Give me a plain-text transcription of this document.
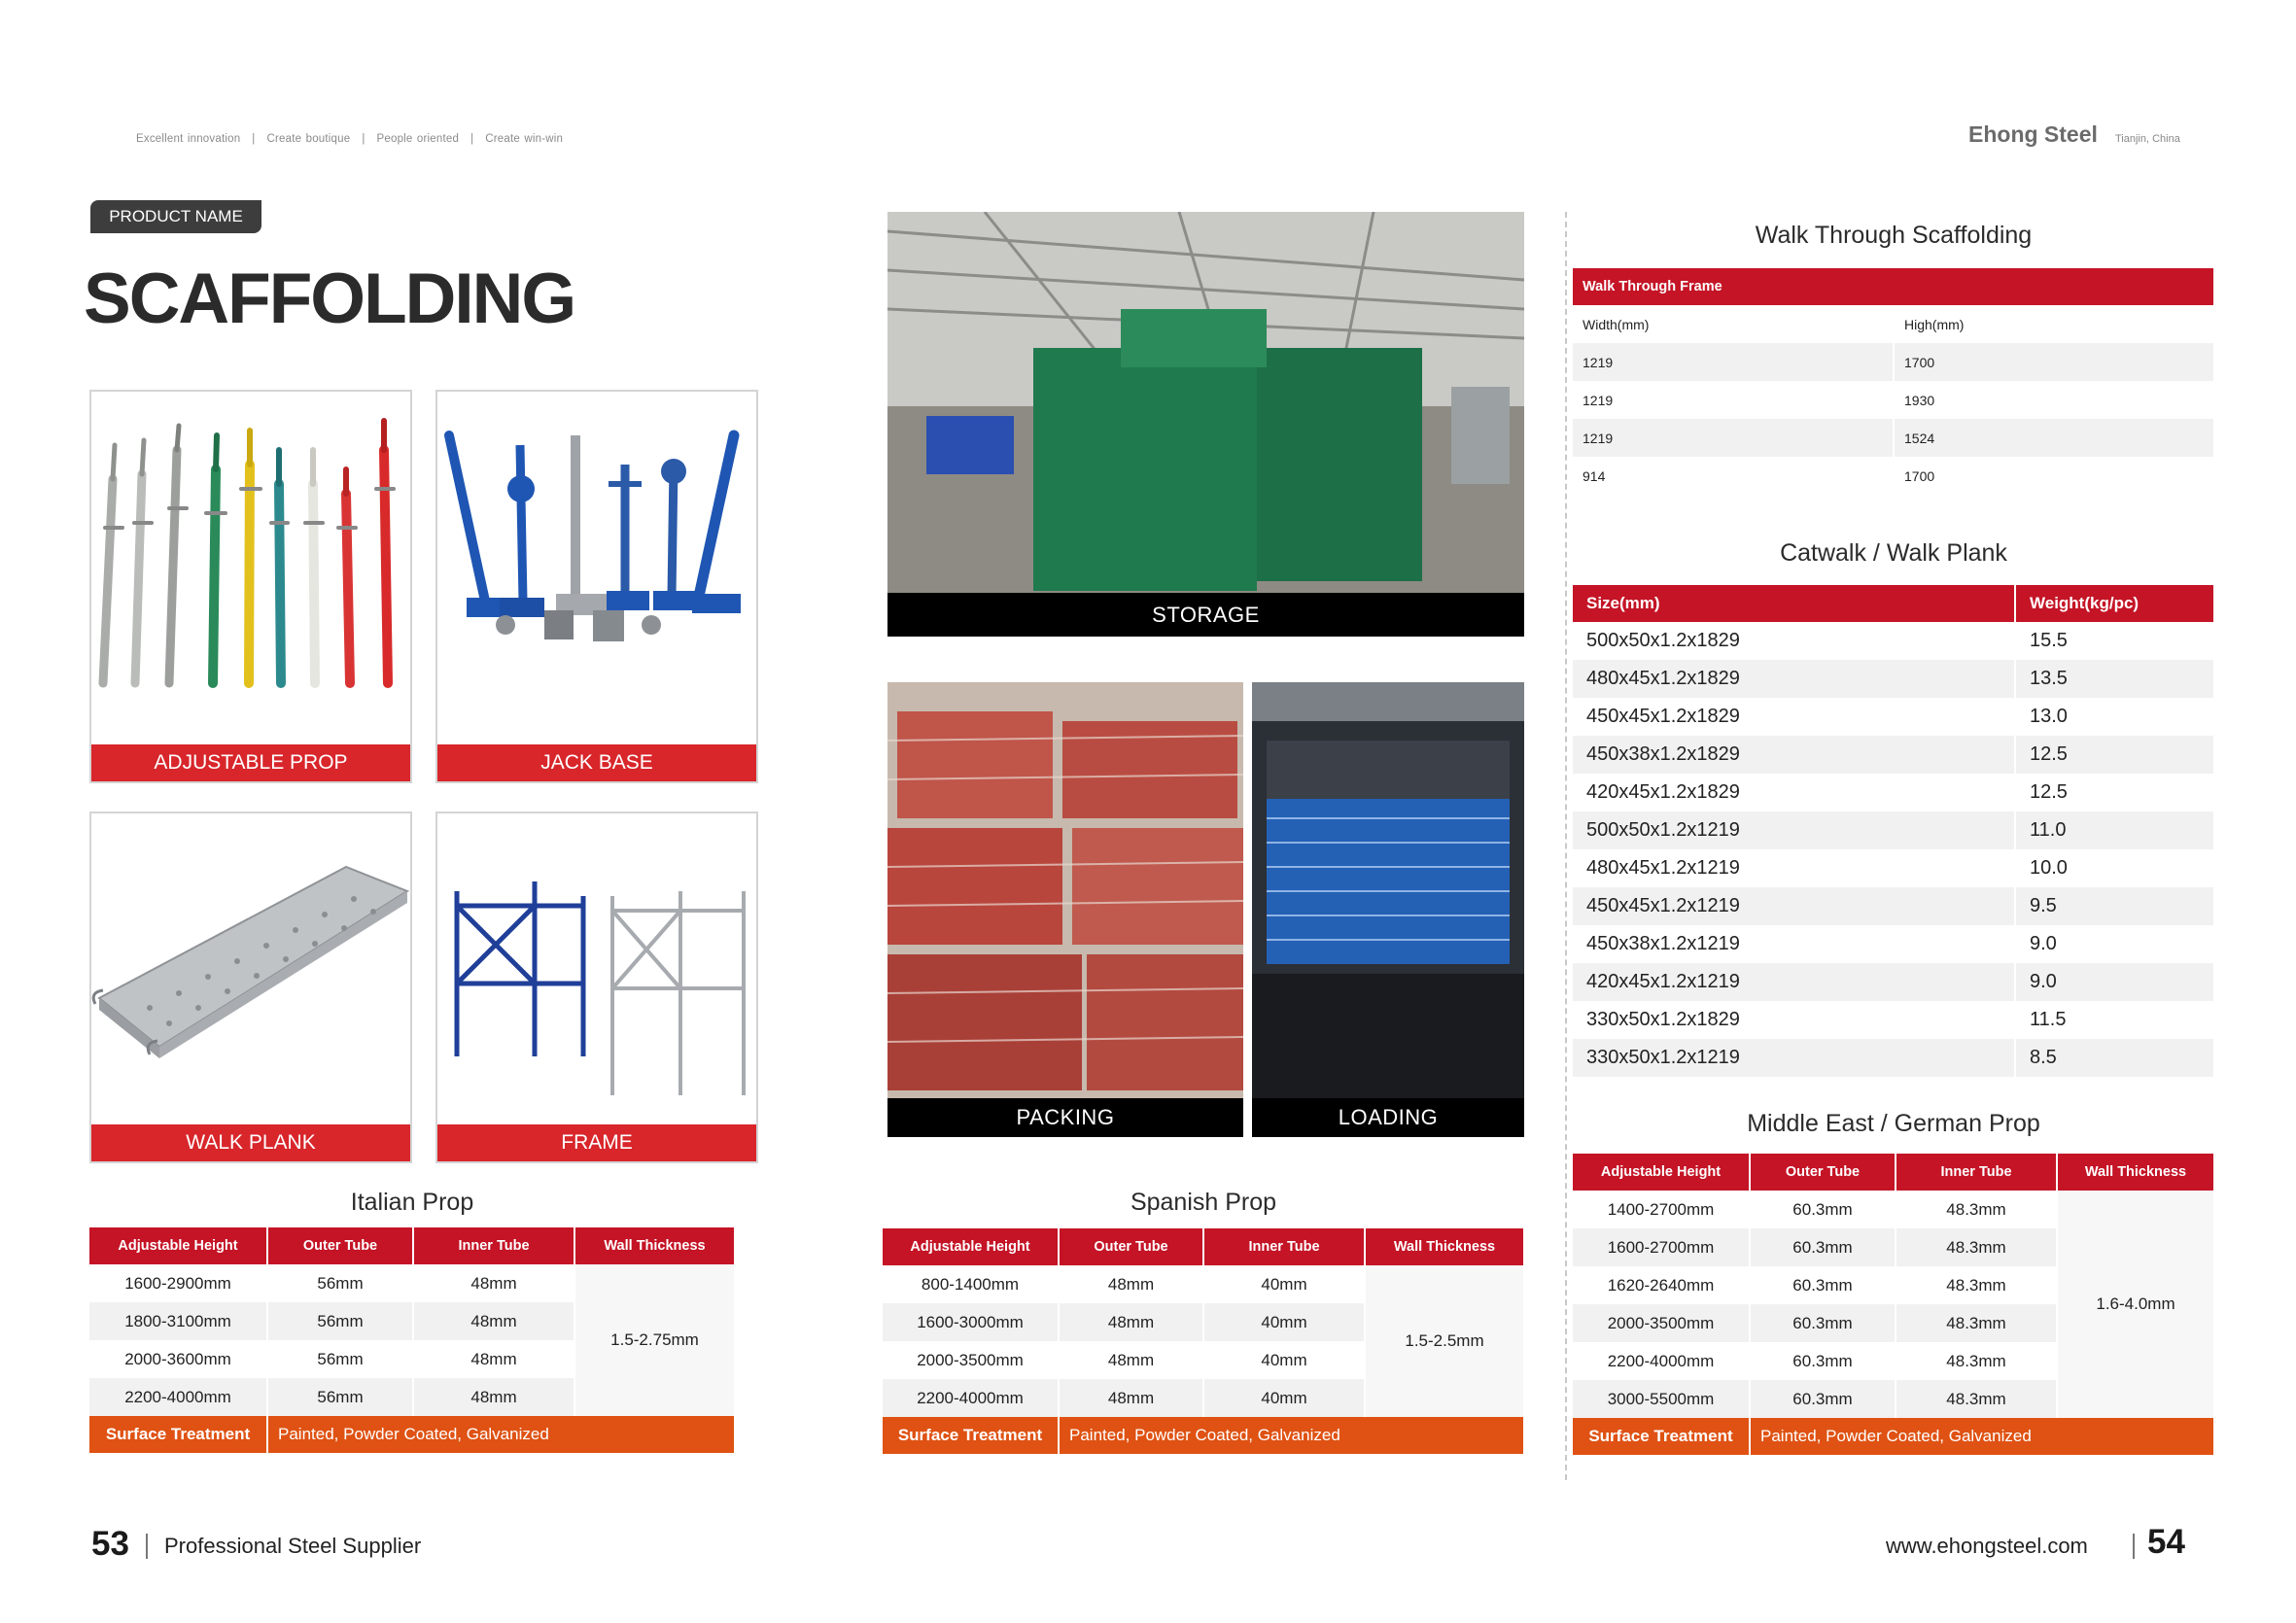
Excellent innovation | Create boutique | People oriented | Create win-win	Ehong Steel Tianjin, China
PRODUCT NAME
SCAFFOLDING
ADJUSTABLE PROP	JACK BASE
WALK PLANK	FRAME
STORAGE
PACKING	LOADING
Italian Prop
Adjustable Height	Outer Tube	Inner Tube	Wall Thickness
1600-2900mm	56mm	48mm	1.5-2.75mm
1800-3100mm	56mm	48mm	
2000-3600mm	56mm	48mm	
2200-4000mm	56mm	48mm	
Surface Treatment	Painted, Powder Coated, Galvanized		
Spanish Prop
Adjustable Height	Outer Tube	Inner Tube	Wall Thickness
800-1400mm	48mm	40mm	1.5-2.5mm
1600-3000mm	48mm	40mm	
2000-3500mm	48mm	40mm	
2200-4000mm	48mm	40mm	
Surface Treatment	Painted, Powder Coated, Galvanized		
Walk Through Scaffolding
Walk Through Frame	
Width(mm)	High(mm)
1219	1700
1219	1930
1219	1524
914	1700
Catwalk / Walk Plank
Size(mm)	Weight(kg/pc)
500x50x1.2x1829	15.5
480x45x1.2x1829	13.5
450x45x1.2x1829	13.0
450x38x1.2x1829	12.5
420x45x1.2x1829	12.5
500x50x1.2x1219	11.0
480x45x1.2x1219	10.0
450x45x1.2x1219	9.5
450x38x1.2x1219	9.0
420x45x1.2x1219	9.0
330x50x1.2x1829	11.5
330x50x1.2x1219	8.5
Middle East / German Prop
Adjustable Height	Outer Tube	Inner Tube	Wall Thickness
1400-2700mm	60.3mm	48.3mm	1.6-4.0mm
1600-2700mm	60.3mm	48.3mm	
1620-2640mm	60.3mm	48.3mm	
2000-3500mm	60.3mm	48.3mm	
2200-4000mm	60.3mm	48.3mm	
3000-5500mm	60.3mm	48.3mm	
Surface Treatment	Painted, Powder Coated, Galvanized		
53 Professional Steel Supplier	www.ehongsteel.com 54
